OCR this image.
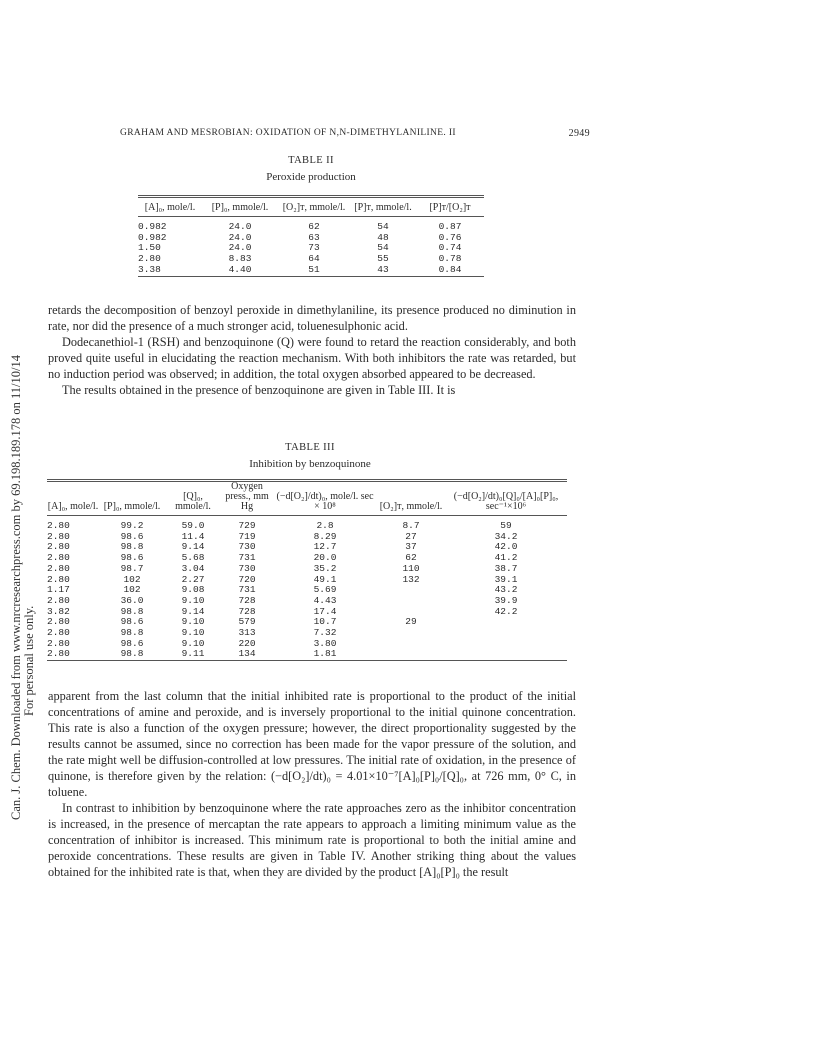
Can. J. Chem. Downloaded from www.nrcresearchpress.com by 69.198.189.178 on 11/10/14 For personal use only.
GRAHAM AND MESROBIAN: OXIDATION OF N,N-DIMETHYLANILINE. II	2949
TABLE II
Peroxide production
[A]₀, mole/l.	[P]₀, mmole/l.	[O₂]ᴛ, mmole/l.	[P]ᴛ, mmole/l.	[P]ᴛ/[O₂]ᴛ
0.982	24.0	62	54	0.87
0.982	24.0	63	48	0.76
1.50	24.0	73	54	0.74
2.80	8.83	64	55	0.78
3.38	4.40	51	43	0.84

retards the decomposition of benzoyl peroxide in dimethylaniline, its presence produced no diminution in rate, nor did the presence of a much stronger acid, toluenesulphonic acid.

Dodecanethiol-1 (RSH) and benzoquinone (Q) were found to retard the reaction considerably, and both proved quite useful in elucidating the reaction mechanism. With both inhibitors the rate was retarded, but no induction period was observed; in addition, the total oxygen absorbed appeared to be decreased.

The results obtained in the presence of benzoquinone are given in Table III. It is

TABLE III
Inhibition by benzoquinone
[A]₀, mole/l.	[P]₀, mmole/l.	[Q]₀, mmole/l.	Oxygen press., mm Hg	(−d[O₂]/dt)₀, mole/l. sec × 10⁸	[O₂]ᴛ, mmole/l.	(−d[O₂]/dt)₀[Q]₀/[A]₀[P]₀, sec⁻¹×10⁶
2.80	99.2	59.0	729	2.8	8.7	59
2.80	98.6	11.4	719	8.29	27	34.2
2.80	98.8	9.14	730	12.7	37	42.0
2.80	98.6	5.68	731	20.0	62	41.2
2.80	98.7	3.04	730	35.2	110	38.7
2.80	102	2.27	720	49.1	132	39.1
1.17	102	9.08	731	5.69		43.2
2.80	36.0	9.10	728	4.43		39.9
3.82	98.8	9.14	728	17.4		42.2
2.80	98.6	9.10	579	10.7	29	
2.80	98.8	9.10	313	7.32		
2.80	98.6	9.10	220	3.80		
2.80	98.8	9.11	134	1.81		

apparent from the last column that the initial inhibited rate is proportional to the product of the initial concentrations of amine and peroxide, and is inversely proportional to the initial quinone concentration. This rate is also a function of the oxygen pressure; however, the direct proportionality suggested by the results cannot be assumed, since no correction has been made for the vapor pressure of the solution, and the rate might well be diffusion-controlled at low pressures. The initial rate of oxidation, in the presence of quinone, is therefore given by the relation: (−d[O₂]/dt)₀ = 4.01×10⁻⁷[A]₀[P]₀/[Q]₀, at 726 mm, 0° C, in toluene.

In contrast to inhibition by benzoquinone where the rate approaches zero as the inhibitor concentration is increased, in the presence of mercaptan the rate appears to approach a limiting minimum value as the concentration of inhibitor is increased. This minimum rate is proportional to both the initial amine and peroxide concentrations. These results are given in Table IV. Another striking thing about the values obtained for the inhibited rate is that, when they are divided by the product [A]₀[P]₀ the result
